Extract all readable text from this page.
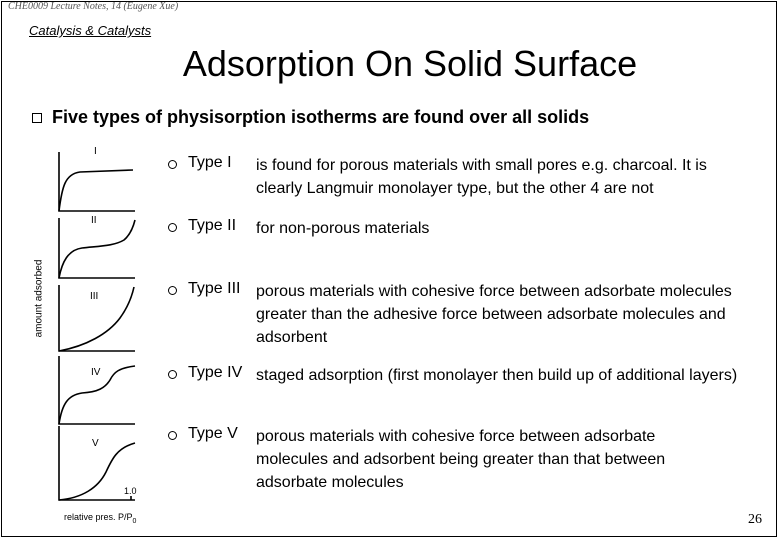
CHE0009 Lecture Notes, 14 (Eugene Xue)
Catalysis & Catalysts
Adsorption On Solid Surface
Five types of physisorption isotherms are found over all solids
I
II
III
IV
V
amount adsorbed
1.0
relative pres. $P/P_0$
Type I is found for porous materials with small pores e.g. charcoal. It is clearly Langmuir monolayer type, but the other 4 are not
Type II for non-porous materials
Type III porous materials with cohesive force between adsorbate molecules greater than the adhesive force between adsorbate molecules and adsorbent
Type IV staged adsorption (first monolayer then build up of additional layers)
Type V porous materials with cohesive force between adsorbate molecules and adsorbent being greater than that between adsorbate molecules
26
